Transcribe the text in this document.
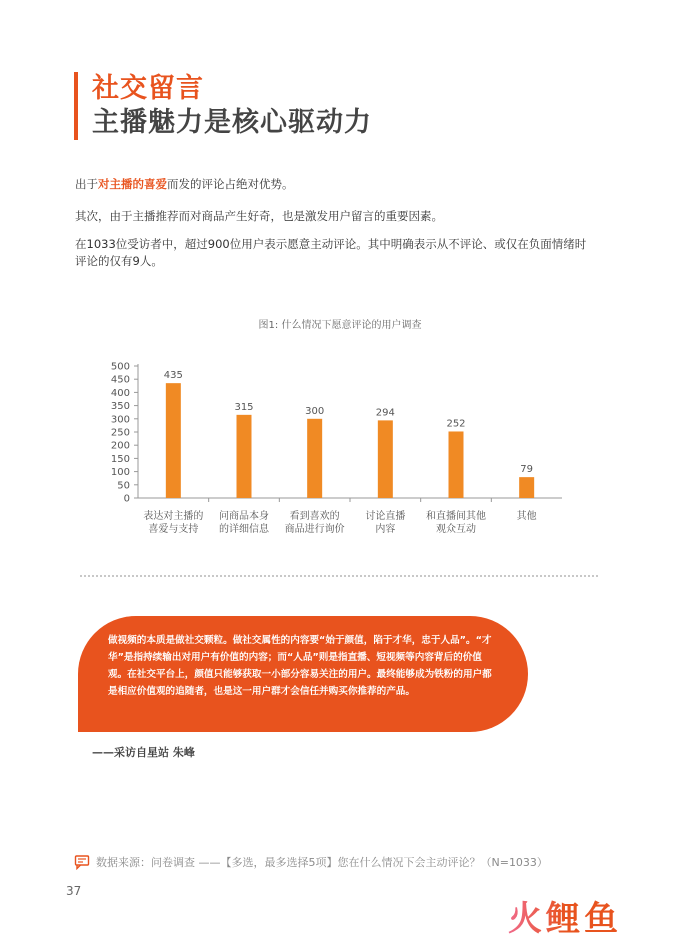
社交留言
主播魅力是核心驱动力
出于对主播的喜爱而发的评论占绝对优势。
其次，由于主播推荐而对商品产生好奇，也是激发用户留言的重要因素。
在1033位受访者中，超过900位用户表示愿意主动评论。其中明确表示从不评论、或仅在负面情绪时评论的仅有9人。
图1: 什么情况下愿意评论的用户调查
0
50
100
150
200
250
300
350
400
450
500
435
表达对主播的
喜爱与支持
315
问商品本身
的详细信息
300
看到喜欢的
商品进行询价
294
讨论直播
内容
252
和直播间其他
观众互动
79
其他
做视频的本质是做社交颗粒。做社交属性的内容要“始于颜值，陷于才华，忠于人品”。“才华”是指持续输出对用户有价值的内容；而“人品”则是指直播、短视频等内容背后的价值观。在社交平台上，颜值只能够获取一小部分容易关注的用户。最终能够成为铁粉的用户都是相应价值观的追随者，也是这一用户群才会信任并购买你推荐的产品。
——采访自星站 朱峰
数据来源：问卷调查 ——【多选，最多选择5项】您在什么情况下会主动评论？（N=1033）
37
火鲤鱼
